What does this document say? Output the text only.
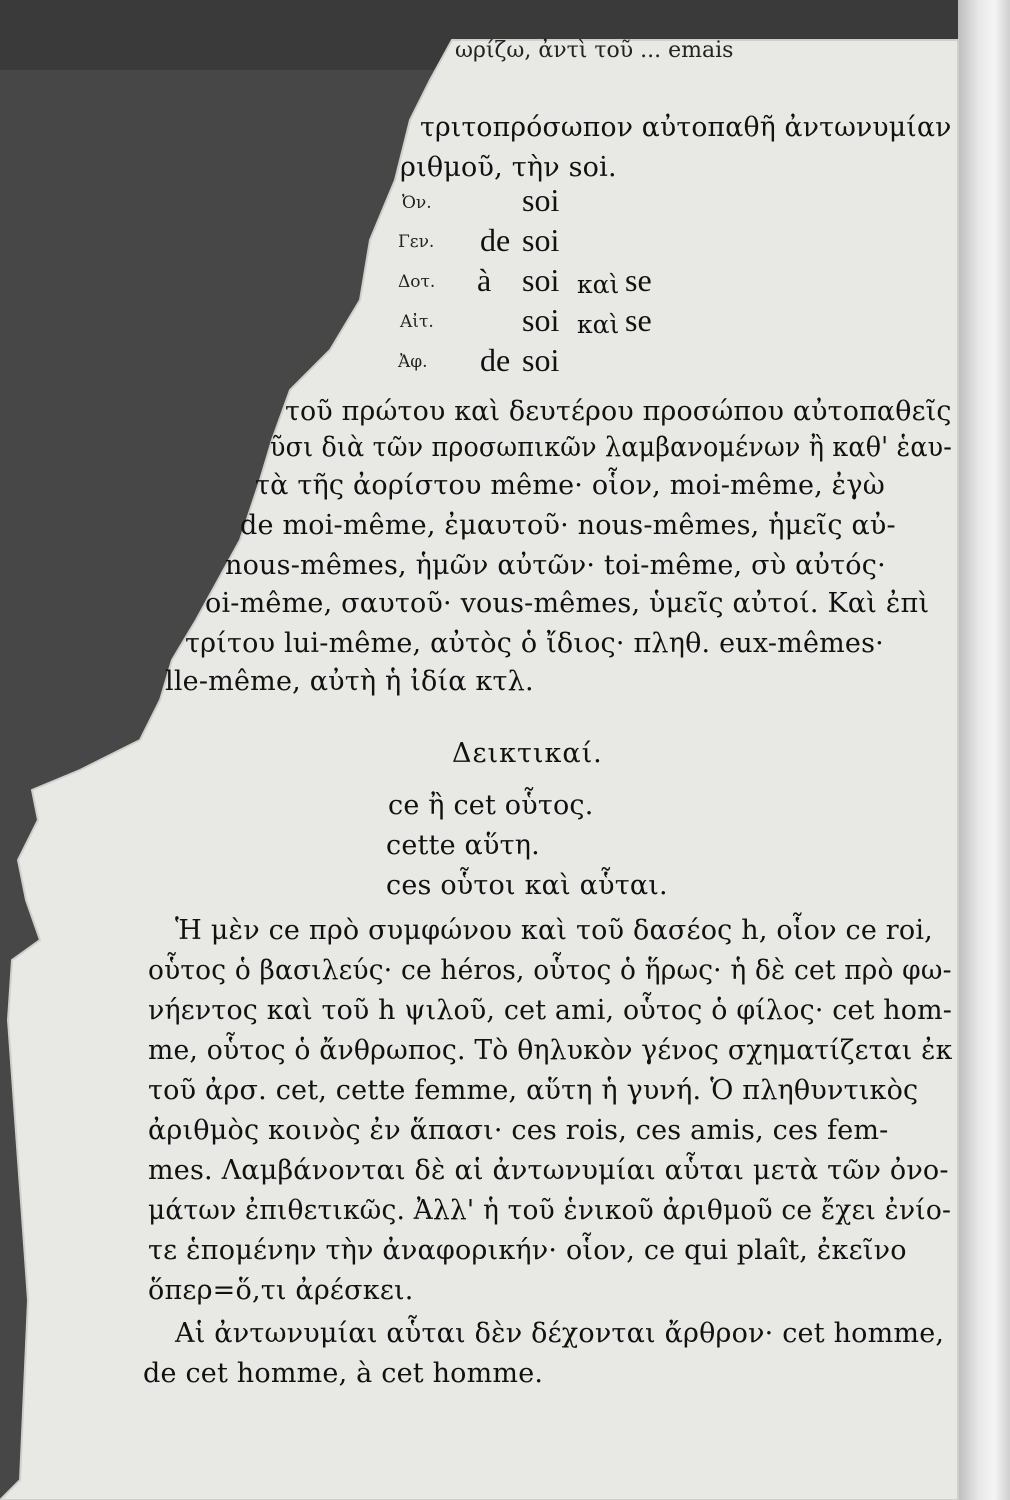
ωρίζω, ἀντὶ τοῦ ... emais
τριτοπρόσωπον αὐτοπαθῆ ἀντωνυμίαν
ριθμοῦ, τὴν soi.
Ὀν.	soi
Γεν. de soi
Δοτ. à soi καὶ se
Αἰτ.	soi καὶ se
Ἀφ. de soi
τοῦ πρώτου καὶ δευτέρου προσώπου αὐτοπαθεῖς
ῦσι διὰ τῶν προσωπικῶν λαμβανομένων ἢ καθ' ἑαυ-
τὰ τῆς ἀορίστου même· οἷον, moi-même, ἐγὼ
de moi-même, ἐμαυτοῦ· nous-mêmes, ἡμεῖς αὐ-
nous-mêmes, ἡμῶν αὐτῶν· toi-même, σὺ αὐτός·
oi-même, σαυτοῦ· vous-mêmes, ὑμεῖς αὐτοί. Καὶ ἐπὶ
τρίτου lui-même, αὐτὸς ὁ ἴδιος· πληθ. eux-mêmes·
lle-même, αὐτὴ ἡ ἰδία κτλ.
Δεικτικαί.
ce ἢ cet οὗτος.
cette αὕτη.
ces οὗτοι καὶ αὗται.
Ἡ μὲν ce πρὸ συμφώνου καὶ τοῦ δασέος h, οἷον ce roi,
οὗτος ὁ βασιλεύς· ce héros, οὗτος ὁ ἥρως· ἡ δὲ cet πρὸ φω-
νήεντος καὶ τοῦ h ψιλοῦ, cet ami, οὗτος ὁ φίλος· cet hom-
me, οὗτος ὁ ἄνθρωπος. Τὸ θηλυκὸν γένος σχηματίζεται ἐκ
τοῦ ἀρσ. cet, cette femme, αὕτη ἡ γυνή. Ὁ πληθυντικὸς
ἀριθμὸς κοινὸς ἐν ἅπασι· ces rois, ces amis, ces fem-
mes. Λαμβάνονται δὲ αἱ ἀντωνυμίαι αὗται μετὰ τῶν ὀνο-
μάτων ἐπιθετικῶς. Ἀλλ' ἡ τοῦ ἑνικοῦ ἀριθμοῦ ce ἔχει ἐνίο-
τε ἑπομένην τὴν ἀναφορικήν· οἷον, ce qui plaît, ἐκεῖνο
ὅπερ=ὅ,τι ἀρέσκει.
Αἱ ἀντωνυμίαι αὗται δὲν δέχονται ἄρθρον· cet homme,
de cet homme, à cet homme.
